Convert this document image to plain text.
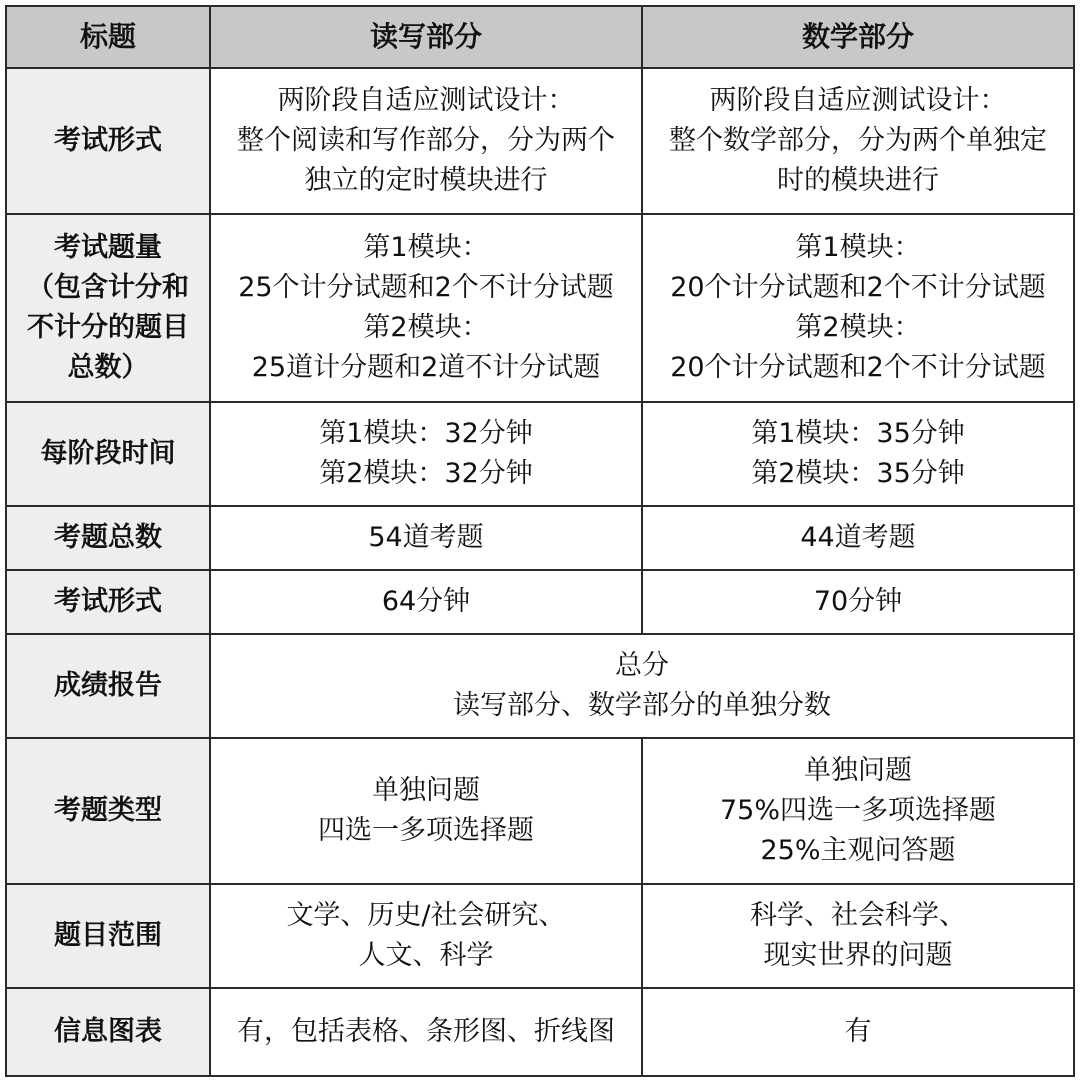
标题	读写部分	数学部分
考试形式	两阶段自适应测试设计：
整个阅读和写作部分，分为两个
独立的定时模块进行	两阶段自适应测试设计：
整个数学部分，分为两个单独定
时的模块进行

考试题量
（包含计分和
不计分的题目
总数）	第1模块：
25个计分试题和2个不计分试题
第2模块：
25道计分题和2道不计分试题	第1模块：
20个计分试题和2个不计分试题
第2模块：
20个计分试题和2个不计分试题

每阶段时间	第1模块：32分钟
第2模块：32分钟	第1模块：35分钟
第2模块：35分钟

考题总数	54道考题	44道考题
考试形式	64分钟	70分钟
成绩报告	总分
读写部分、数学部分的单独分数	

考题类型	单独问题
四选一多项选择题	单独问题
75%四选一多项选择题
25%主观问答题

题目范围	文学、历史/社会研究、
人文、科学	科学、社会科学、
现实世界的问题

信息图表	有，包括表格、条形图、折线图	有
